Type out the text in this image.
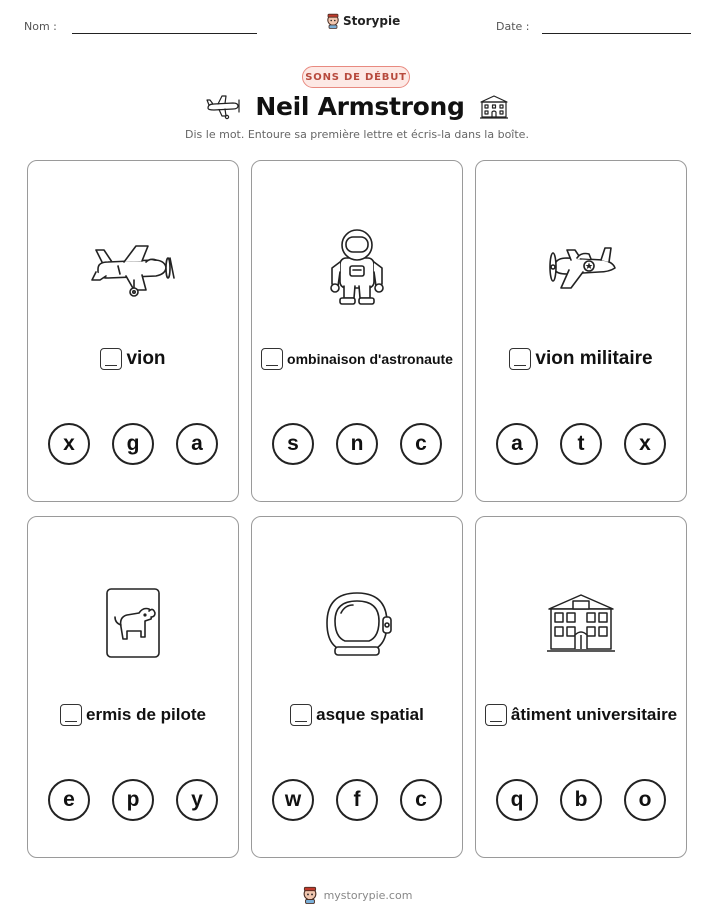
Nom :	Storypie	Date :
SONS DE DÉBUT
Neil Armstrong
Dis le mot. Entoure sa première lettre et écris-la dans la boîte.
vion
x	g	a
ombinaison d'astronaute
s	n	c
vion militaire
a	t	x
ermis de pilote
e	p	y
asque spatial
w	f	c
âtiment universitaire
q	b	o
mystorypie.com
